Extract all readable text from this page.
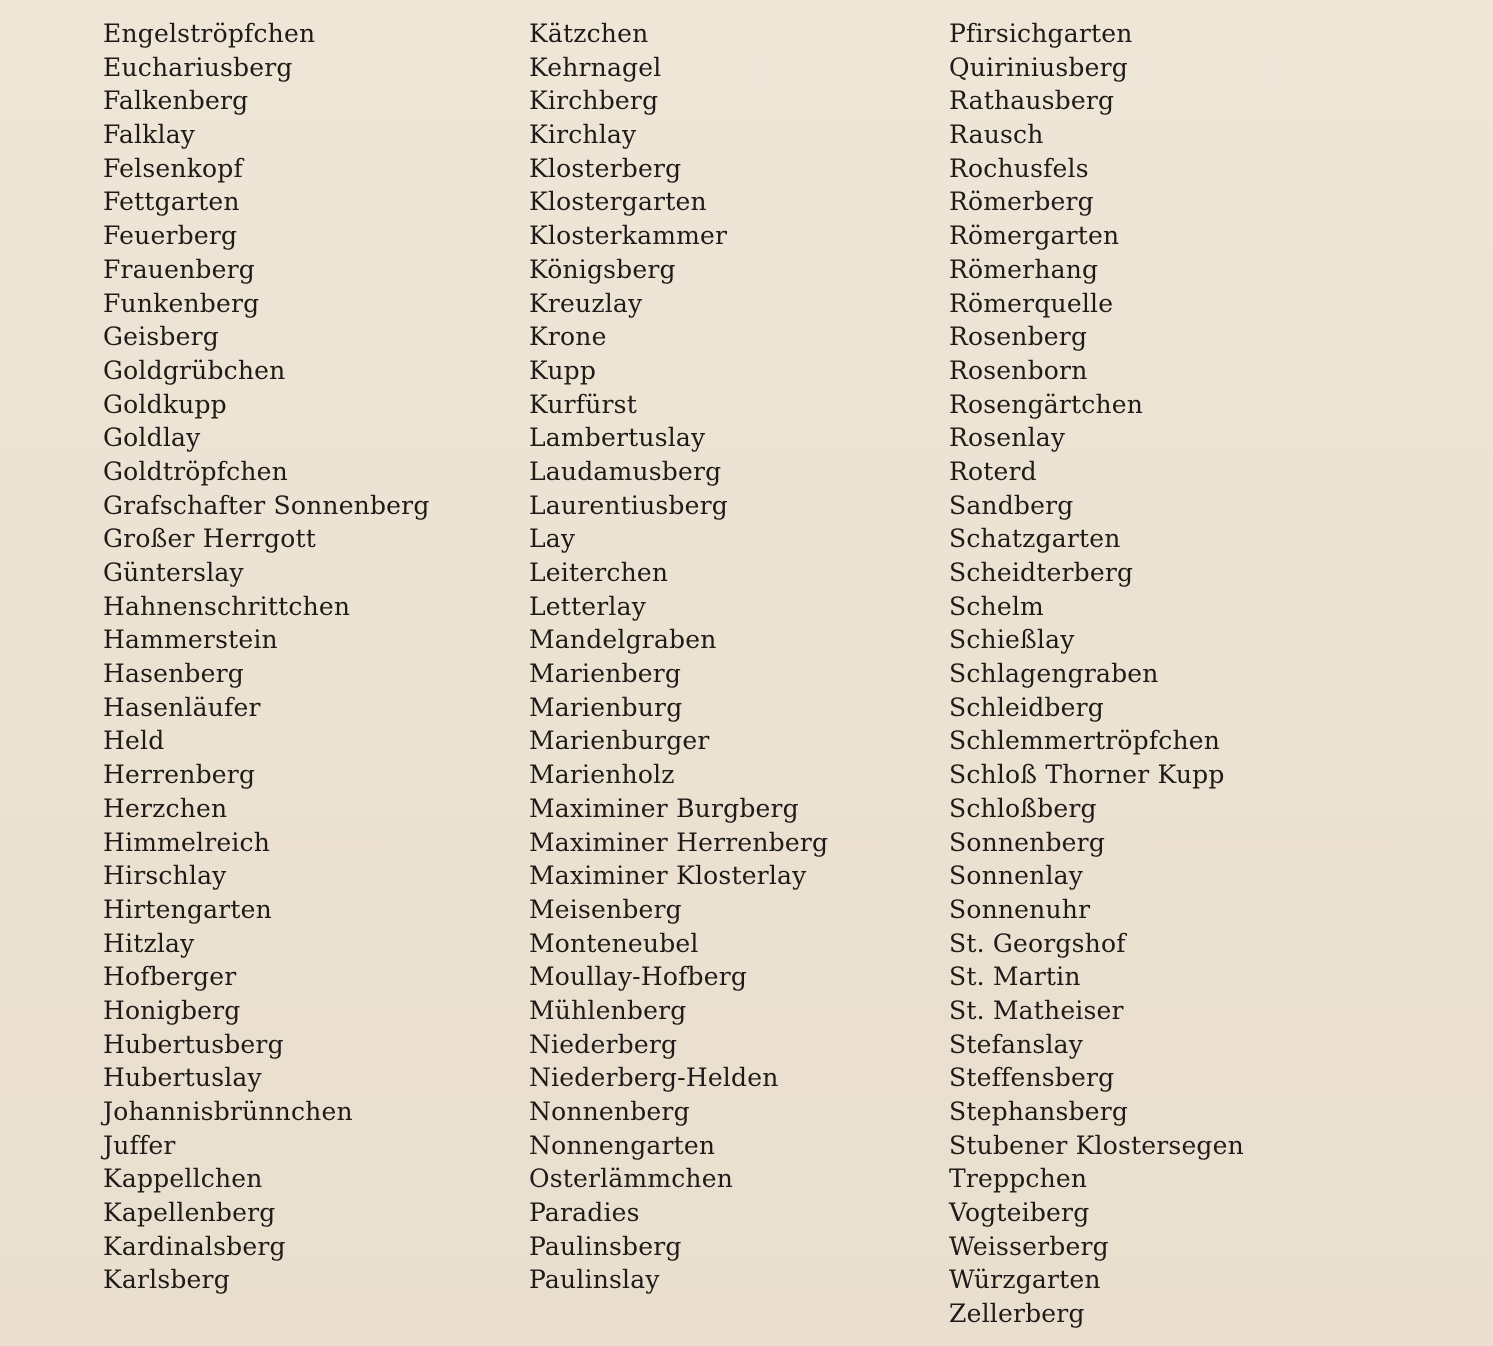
Engelströpfchen
Euchariusberg
Falkenberg
Falklay
Felsenkopf
Fettgarten
Feuerberg
Frauenberg
Funkenberg
Geisberg
Goldgrübchen
Goldkupp
Goldlay
Goldtröpfchen
Grafschafter Sonnenberg
Großer Herrgott
Günterslay
Hahnenschrittchen
Hammerstein
Hasenberg
Hasenläufer
Held
Herrenberg
Herzchen
Himmelreich
Hirschlay
Hirtengarten
Hitzlay
Hofberger
Honigberg
Hubertusberg
Hubertuslay
Johannisbrünnchen
Juffer
Kappellchen
Kapellenberg
Kardinalsberg
Karlsberg
Kätzchen
Kehrnagel
Kirchberg
Kirchlay
Klosterberg
Klostergarten
Klosterkammer
Königsberg
Kreuzlay
Krone
Kupp
Kurfürst
Lambertuslay
Laudamusberg
Laurentiusberg
Lay
Leiterchen
Letterlay
Mandelgraben
Marienberg
Marienburg
Marienburger
Marienholz
Maximiner Burgberg
Maximiner Herrenberg
Maximiner Klosterlay
Meisenberg
Monteneubel
Moullay-Hofberg
Mühlenberg
Niederberg
Niederberg-Helden
Nonnenberg
Nonnengarten
Osterlämmchen
Paradies
Paulinsberg
Paulinslay
Pfirsichgarten
Quiriniusberg
Rathausberg
Rausch
Rochusfels
Römerberg
Römergarten
Römerhang
Römerquelle
Rosenberg
Rosenborn
Rosengärtchen
Rosenlay
Roterd
Sandberg
Schatzgarten
Scheidterberg
Schelm
Schießlay
Schlagengraben
Schleidberg
Schlemmertröpfchen
Schloß Thorner Kupp
Schloßberg
Sonnenberg
Sonnenlay
Sonnenuhr
St. Georgshof
St. Martin
St. Matheiser
Stefanslay
Steffensberg
Stephansberg
Stubener Klostersegen
Treppchen
Vogteiberg
Weisserberg
Würzgarten
Zellerberg
